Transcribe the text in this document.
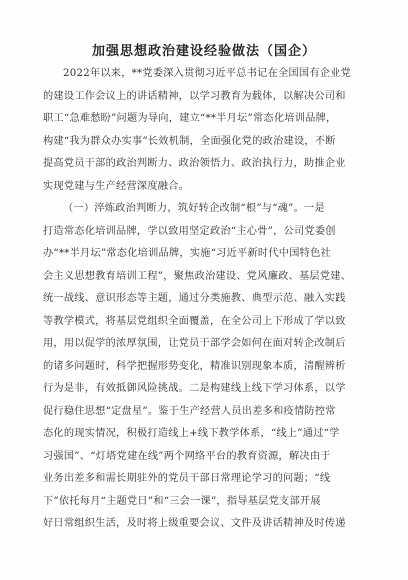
加强思想政治建设经验做法（国企）
2022年以来，**党委深入贯彻习近平总书记在全国国有企业党
的建设工作会议上的讲话精神，以学习教育为载体，以解决公司和
职工“急难愁盼”问题为导向，建立“**半月坛”常态化培训品牌，
构建“我为群众办实事”长效机制，全面强化党的政治建设，不断
提高党员干部的政治判断力、政治领悟力、政治执行力，助推企业
实现党建与生产经营深度融合。
（一）淬炼政治判断力，筑好转企改制“根”与“魂”。一是
打造常态化培训品牌，学以致用坚定政治“主心骨”，公司党委创
办“**半月坛”常态化培训品牌，实施“习近平新时代中国特色社
会主义思想教育培训工程”，聚焦政治建设、党风廉政、基层党建、
统一战线、意识形态等主题，通过分类施教、典型示范、融入实践
等教学模式，将基层党组织全面覆盖，在全公司上下形成了学以致
用，用以促学的浓厚氛围，让党员干部学会如何在面对转企改制后
的诸多问题时，科学把握形势变化，精准识别现象本质，清醒辨析
行为是非，有效抵御风险挑战。二是构建线上线下学习体系，以学
促行稳住思想“定盘星”。鉴于生产经营人员出差多和疫情防控常
态化的现实情况，积极打造线上+线下教学体系，“线上”通过“学
习强国”、“灯塔党建在线”两个网络平台的教育资源，解决由于
业务出差多和需长期驻外的党员干部日常理论学习的问题；“线
下”依托每月“主题党日”和“三会一课”，指导基层党支部开展
好日常组织生活，及时将上级重要会议、文件及讲话精神及时传递
